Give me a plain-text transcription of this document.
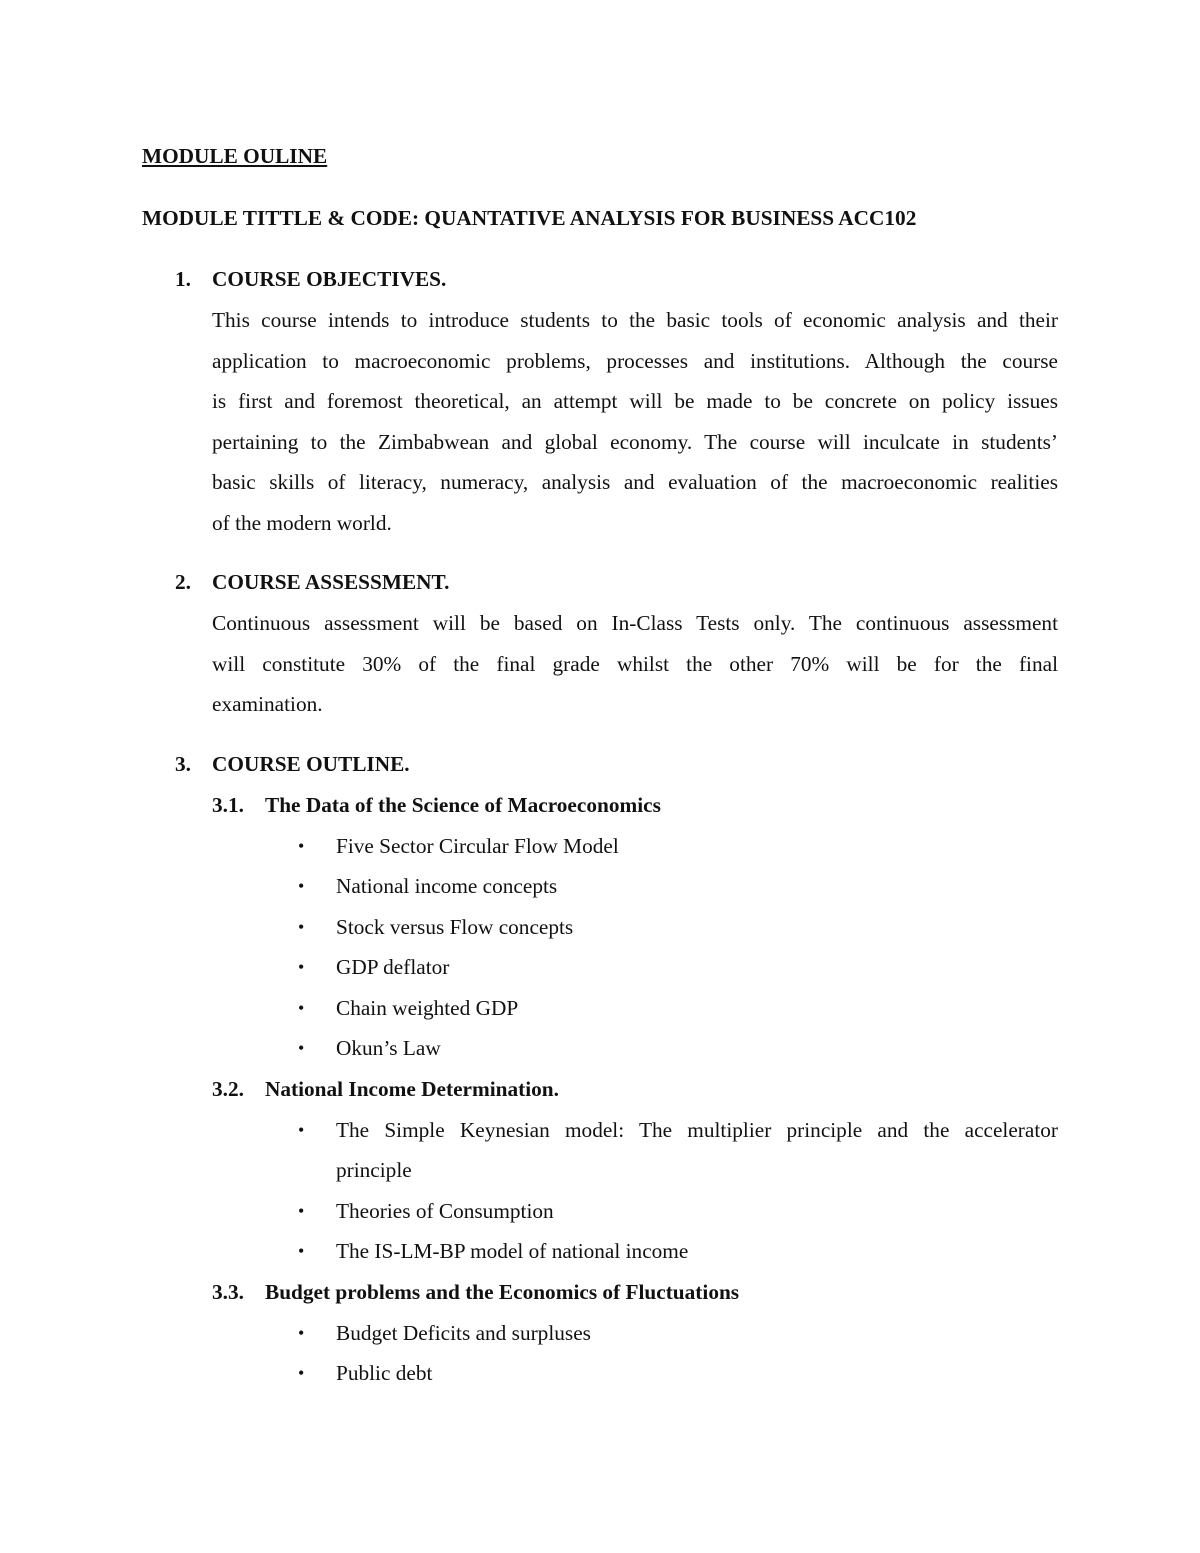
MODULE OULINE
MODULE TITTLE & CODE: QUANTATIVE ANALYSIS FOR BUSINESS ACC102
1. COURSE OBJECTIVES.
This course intends to introduce students to the basic tools of economic analysis and their
application to macroeconomic problems, processes and institutions. Although the course
is first and foremost theoretical, an attempt will be made to be concrete on policy issues
pertaining to the Zimbabwean and global economy. The course will inculcate in students’
basic skills of literacy, numeracy, analysis and evaluation of the macroeconomic realities
of the modern world.
2. COURSE ASSESSMENT.
Continuous assessment will be based on In-Class Tests only. The continuous assessment
will constitute 30% of the final grade whilst the other 70% will be for the final
examination.
3. COURSE OUTLINE.
3.1. The Data of the Science of Macroeconomics
• Five Sector Circular Flow Model
• National income concepts
• Stock versus Flow concepts
• GDP deflator
• Chain weighted GDP
• Okun’s Law
3.2. National Income Determination.
• The Simple Keynesian model: The multiplier principle and the accelerator
principle
• Theories of Consumption
• The IS-LM-BP model of national income
3.3. Budget problems and the Economics of Fluctuations
• Budget Deficits and surpluses
• Public debt
